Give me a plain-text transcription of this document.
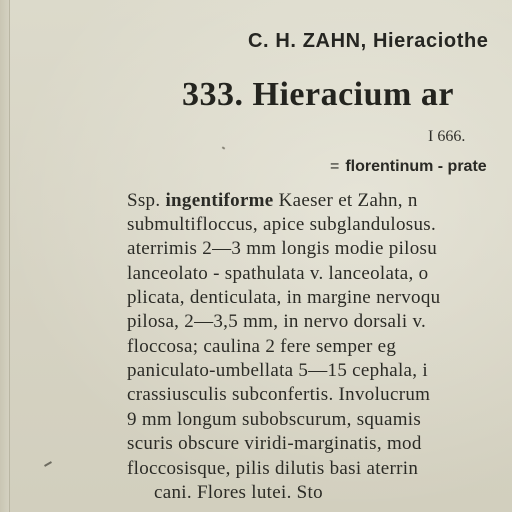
C. H. ZAHN, Hieraciothe
333. Hieracium ar
I 666.
= florentinum - prate
Ssp. ingentiforme Kaeser et Zahn, n
submultifloccus, apice subglandulosus.
aterrimis 2—3 mm longis modie pilosu
lanceolato - spathulata v. lanceolata, o
plicata, denticulata, in margine nervoqu
pilosa, 2—3,5 mm, in nervo dorsali v.
floccosa; caulina 2 fere semper eg
paniculato-umbellata 5—15 cephala, i
crassiusculis subconfertis. Involucrum
9 mm longum subobscurum, squamis
scuris obscure viridi-marginatis, mod
floccosisque, pilis dilutis basi aterrin
cani. Flores lutei. Sto
